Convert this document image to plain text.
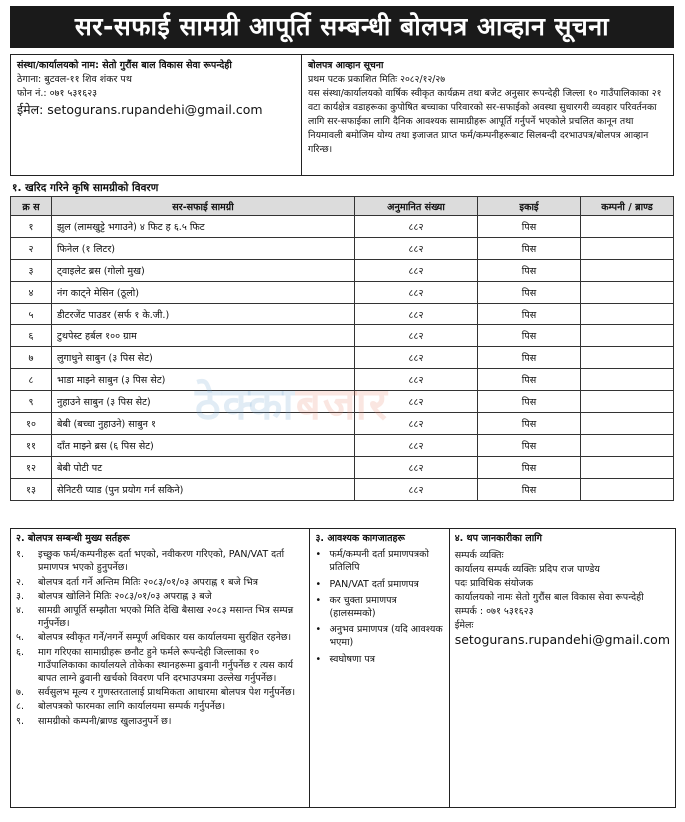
सर-सफाई सामग्री आपूर्ति सम्बन्धी बोलपत्र आव्हान सूचना
संस्था/कार्यालयको नाम: सेतो गुरौंस बाल विकास सेवा रूपन्देही
ठेगाना: बुटवल-११ शिव शंकर पथ
फोन नं.: ०७१ ५३१६२३
ईमेल: setogurans.rupandehi@gmail.com
बोलपत्र आव्हान सूचना
प्रथम पटक प्रकाशित मितिः २०८२/१२/२७
यस संस्था/कार्यालयको वार्षिक स्वीकृत कार्यक्रम तथा बजेट अनुसार रूपन्देही जिल्ला १० गाउँपालिकाका २१ वटा कार्यक्षेत्र वडाहरूका कुपोषित बच्चाका परिवारको सर-सफाईको अवस्था सुधारगरी व्यवहार परिवर्तनका लागि सर-सफाईका लागि दैनिक आवश्यक सामाग्रीहरू आपूर्ति गर्नुपर्ने भएकोले प्रचलित कानून तथा नियमावली बमोजिम योग्य तथा इजाजत प्राप्त फर्म/कम्पनीहरूबाट सिलबन्दी दरभाउपत्र/बोलपत्र आव्हान गरिन्छ।
१. खरिद गरिने कृषि सामग्रीको विवरण
क्र स	सर-सफाई सामग्री	अनुमानित संख्या	इकाई	कम्पनी / ब्राण्ड
१	झुल (लामखुट्टे भगाउने) ४ फिट ह ६.५ फिट	८८२	पिस	
२	फिनेल (१ लिटर)	८८२	पिस	
३	ट्वाइलेट ब्रस (गोलो मुख)	८८२	पिस	
४	नंग काट्ने मेसिन (ठूलो)	८८२	पिस	
५	डीटरजेंट पाउडर (सर्फ १ के.जी.)	८८२	पिस	
६	टुथपेस्ट हर्बल १०० ग्राम	८८२	पिस	
७	लुगाधुने साबुन (३ पिस सेट)	८८२	पिस	
८	भाडा माझ्ने साबुन (३ पिस सेट)	८८२	पिस	
९	नुहाउने साबुन (३ पिस सेट)	८८२	पिस	
१०	बेबी (बच्चा नुहाउने) साबुन १	८८२	पिस	
११	दाँत माझ्ने ब्रस (६ पिस सेट)	८८२	पिस	
१२	बेबी पोटी पट	८८२	पिस	
१३	सेनिटरी प्याड (पुन प्रयोग गर्न सकिने)	८८२	पिस	
ठेक्काबजार
२. बोलपत्र सम्बन्धी मुख्य सर्तहरू
१.	इच्छुक फर्म/कम्पनीहरू दर्ता भएको, नवीकरण गरिएको, PAN/VAT दर्ता प्रमाणपत्र भएको हुनुपर्नेछ।
२.	बोलपत्र दर्ता गर्ने अन्तिम मितिः २०८३/०१/०३ अपराह्न १ बजे भित्र
३.	बोलपत्र खोलिने मितिः २०८३/०१/०३ अपराह्न ३ बजे
४.	सामग्री आपूर्ति सम्झौता भएको मिति देखि बैसाख २०८३ मसान्त भित्र सम्पन्न गर्नुपर्नेछ।
५.	बोलपत्र स्वीकृत गर्ने/नगर्ने सम्पूर्ण अधिकार यस कार्यालयमा सुरक्षित रहनेछ।
६.	माग गरिएका सामाग्रीहरू छनौट हुने फर्मले रूपन्देही जिल्लाका १० गाउँपालिकाका कार्यालयले तोकेका स्थानहरूमा ढुवानी गर्नुपर्नेछ र त्यस कार्य बापत लाग्ने ढुवानी खर्चको विवरण पनि दरभाउपत्रमा उल्लेख गर्नुपर्नेछ।
७.	सर्वसुलभ मूल्य र गुणस्तरतालाई प्राथमिकता आधारमा बोलपत्र पेश गर्नुपर्नेछ।
८.	बोलपत्रको फारमका लागि कार्यालयमा सम्पर्क गर्नुपर्नेछ।
९.	सामग्रीको कम्पनी/ब्राण्ड खुलाउनुपर्ने छ।
३. आवश्यक कागजातहरू
• फर्म/कम्पनी दर्ता प्रमाणपत्रको प्रतिलिपि
• PAN/VAT दर्ता प्रमाणपत्र
• कर चुक्ता प्रमाणपत्र (हालसम्मको)
• अनुभव प्रमाणपत्र (यदि आवश्यक भएमा)
• स्वघोषणा पत्र
४. थप जानकारीका लागि
सम्पर्क व्यक्तिः
कार्यालय सम्पर्क व्यक्तिः प्रदिप राज पाण्डेय
पदः प्राविधिक संयोजक
कार्यालयको नामः सेतो गुरौंस बाल विकास सेवा रूपन्देही
सम्पर्क : ०७१ ५३१६२३
ईमेलः
setogurans.rupandehi@gmail.com
